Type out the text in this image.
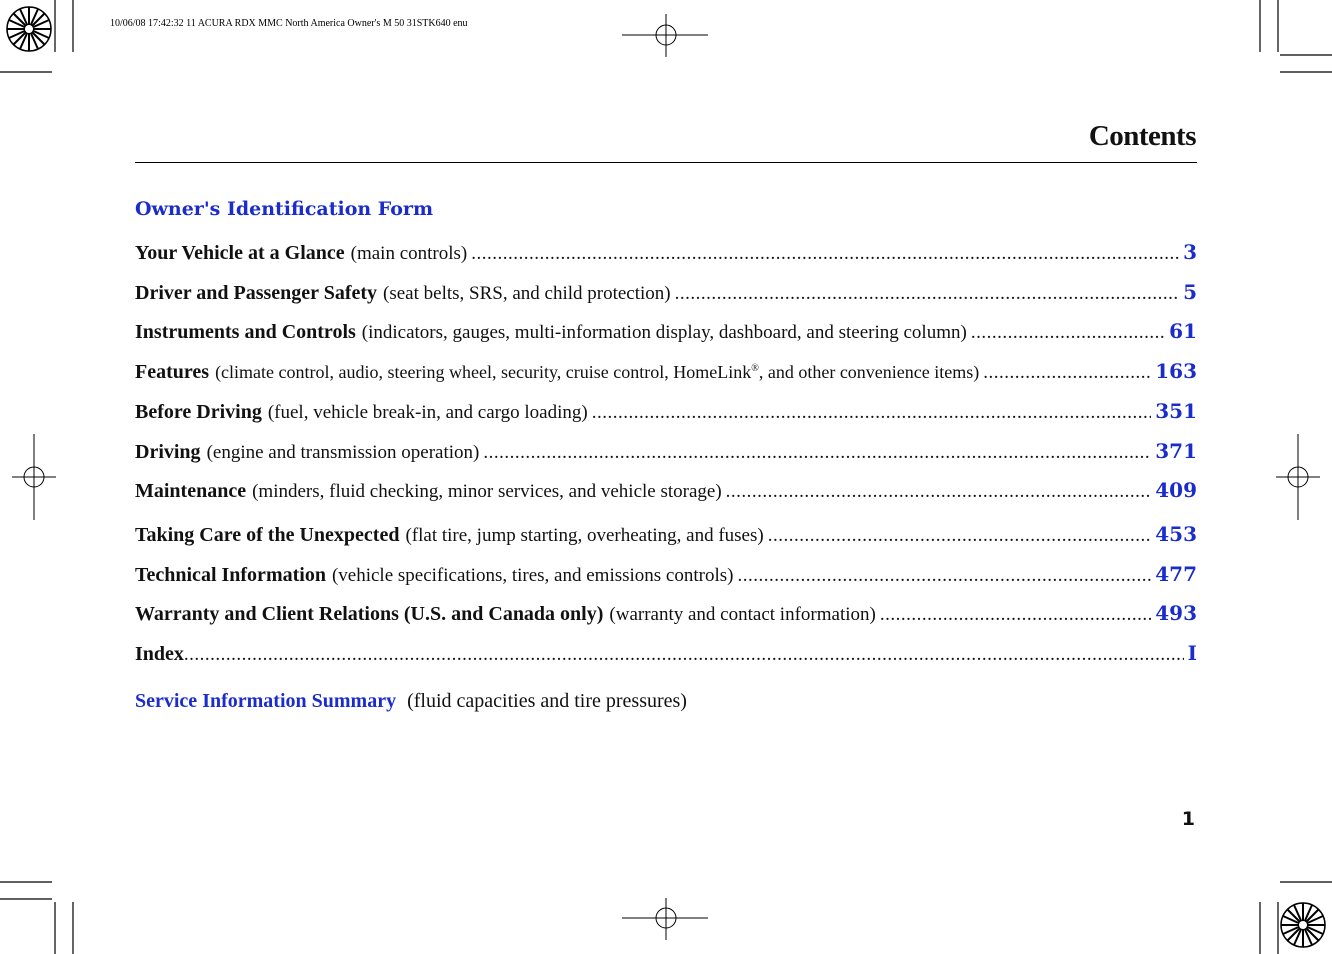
10/06/08 17:42:32 11 ACURA RDX MMC North America Owner's M 50 31STK640 enu
Contents
Owner's Identification Form
Your Vehicle at a Glance (main controls) .....	3
Driver and Passenger Safety (seat belts, SRS, and child protection) .....	5
Instruments and Controls (indicators, gauges, multi-information display, dashboard, and steering column) .....	61
Features (climate control, audio, steering wheel, security, cruise control, HomeLink®, and other convenience items) .....	163
Before Driving (fuel, vehicle break-in, and cargo loading) .....	351
Driving (engine and transmission operation) .....	371
Maintenance (minders, fluid checking, minor services, and vehicle storage) .....	409
Taking Care of the Unexpected (flat tire, jump starting, overheating, and fuses) .....	453
Technical Information (vehicle specifications, tires, and emissions controls) .....	477
Warranty and Client Relations (U.S. and Canada only) (warranty and contact information) .....	493
Index .....	I
Service Information Summary (fluid capacities and tire pressures)
1
